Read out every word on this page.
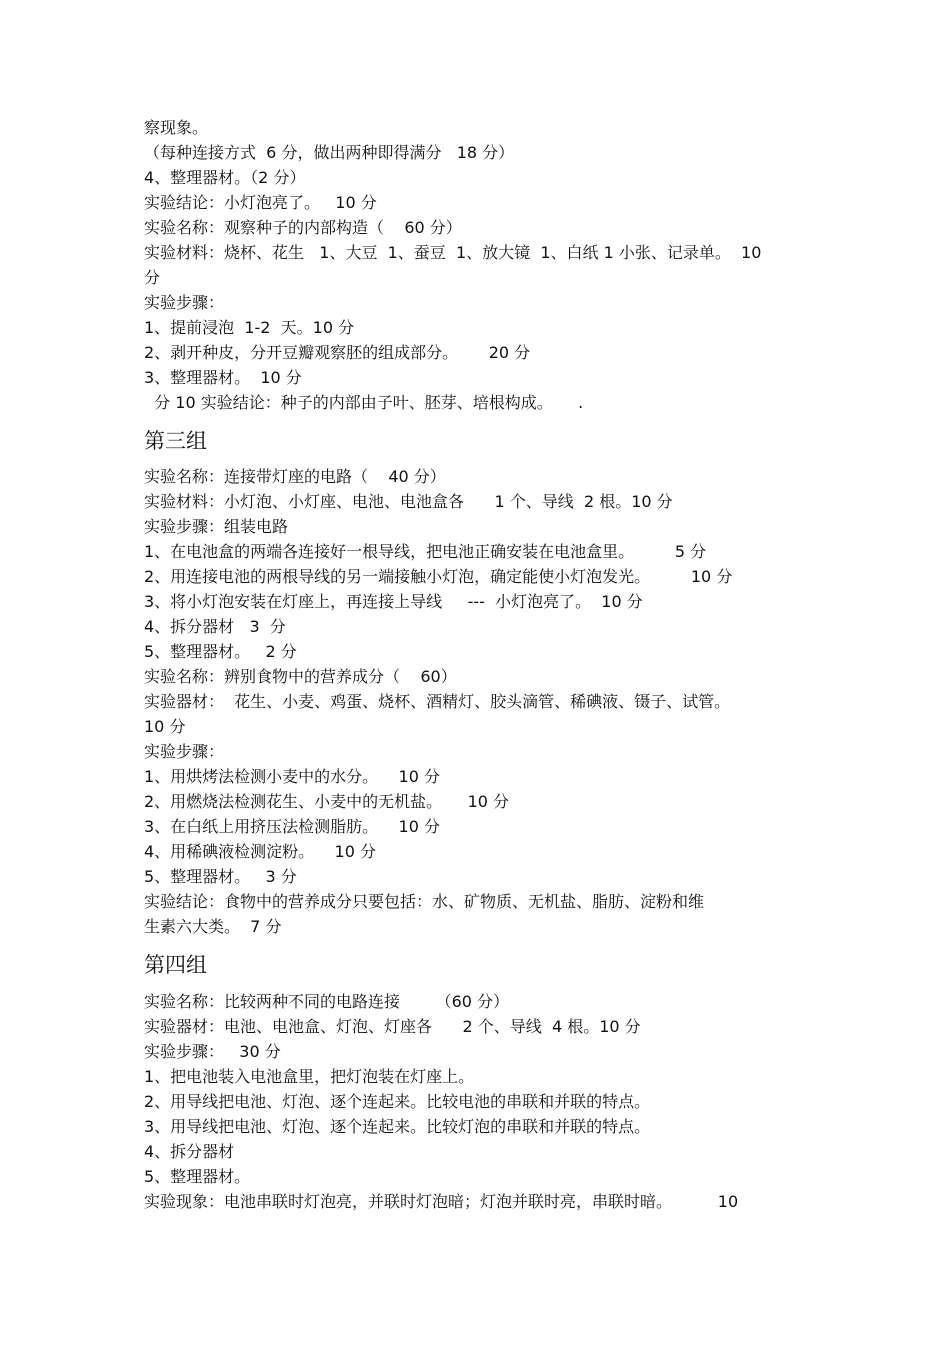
察现象。
（每种连接方式  6 分，做出两种即得满分   18 分）
4、整理器材。（2 分）
实验结论：小灯泡亮了。   10 分
实验名称：观察种子的内部构造（    60 分）
实验材料：烧杯、花生   1、大豆  1、蚕豆  1、放大镜  1、白纸 1 小张、记录单。  10
分
实验步骤：
1、提前浸泡  1-2  天。10 分
2、剥开种皮，分开豆瓣观察胚的组成部分。      20 分
3、整理器材。  10 分
分 10 实验结论：种子的内部由子叶、胚芽、培根构成。     .
第三组
实验名称：连接带灯座的电路（    40 分）
实验材料：小灯泡、小灯座、电池、电池盒各      1 个、导线  2 根。10 分
实验步骤：组装电路
1、在电池盒的两端各连接好一根导线，把电池正确安装在电池盒里。        5 分
2、用连接电池的两根导线的另一端接触小灯泡，确定能使小灯泡发光。        10 分
3、将小灯泡安装在灯座上，再连接上导线     ---  小灯泡亮了。  10 分
4、拆分器材   3  分
5、整理器材。   2 分
实验名称：辨别食物中的营养成分（    60）
实验器材：  花生、小麦、鸡蛋、烧杯、酒精灯、胶头滴管、稀碘液、镊子、试管。
10 分
实验步骤：
1、用烘烤法检测小麦中的水分。    10 分
2、用燃烧法检测花生、小麦中的无机盐。     10 分
3、在白纸上用挤压法检测脂肪。    10 分
4、用稀碘液检测淀粉。    10 分
5、整理器材。   3 分
实验结论：食物中的营养成分只要包括：水、矿物质、无机盐、脂肪、淀粉和维
生素六大类。  7 分
第四组
实验名称：比较两种不同的电路连接       （60 分）
实验器材：电池、电池盒、灯泡、灯座各      2 个、导线  4 根。10 分
实验步骤：   30 分
1、把电池装入电池盒里，把灯泡装在灯座上。
2、用导线把电池、灯泡、逐个连起来。比较电池的串联和并联的特点。
3、用导线把电池、灯泡、逐个连起来。比较灯泡的串联和并联的特点。
4、拆分器材
5、整理器材。
实验现象：电池串联时灯泡亮，并联时灯泡暗；灯泡并联时亮，串联时暗。         10
